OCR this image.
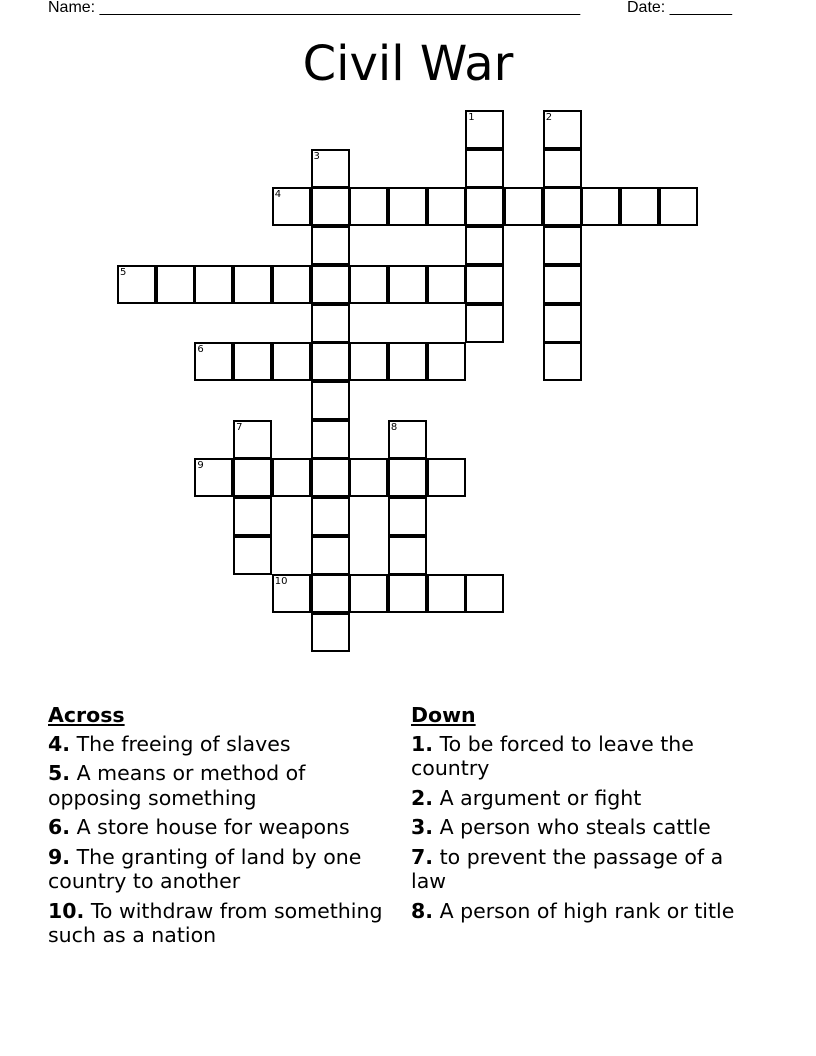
Name: ______________________________________________________	Date: _______
Civil War
1	2
3
4
5
6
7	8
9
10
Across
4. The freeing of slaves
5. A means or method of opposing something
6. A store house for weapons
9. The granting of land by one country to another
10. To withdraw from something such as a nation
Down
1. To be forced to leave the country
2. A argument or fight
3. A person who steals cattle
7. to prevent the passage of a law
8. A person of high rank or title
